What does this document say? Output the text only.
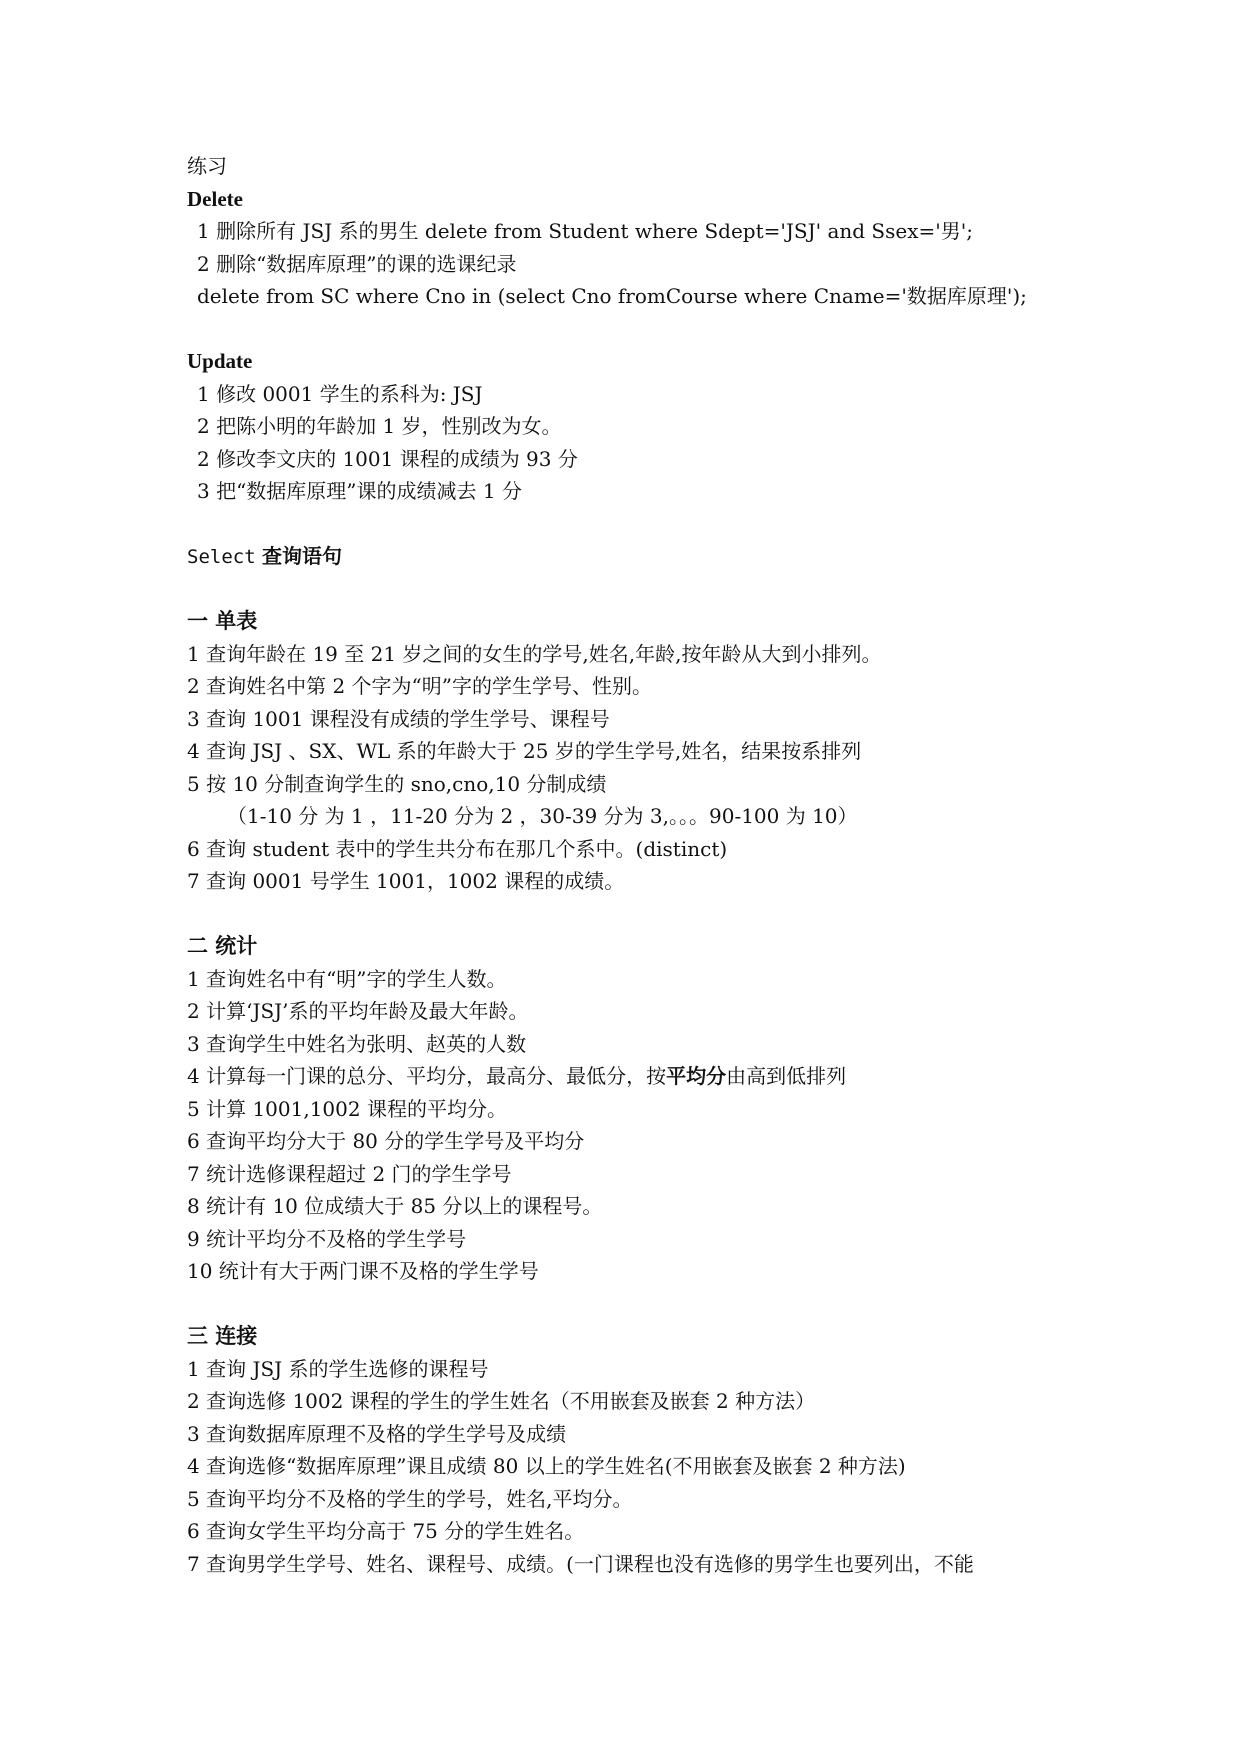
练习
Delete
1 删除所有 JSJ 系的男生 delete from Student where Sdept='JSJ' and Ssex='男';
2 删除“数据库原理”的课的选课纪录
delete from SC where Cno in (select Cno fromCourse where Cname='数据库原理');
Update
1 修改 0001 学生的系科为: JSJ
2 把陈小明的年龄加 1 岁，性别改为女。
2 修改李文庆的 1001 课程的成绩为 93 分
3 把“数据库原理”课的成绩减去 1 分
Select 查询语句
一 单表
1 查询年龄在 19 至 21 岁之间的女生的学号,姓名,年龄,按年龄从大到小排列。
2 查询姓名中第 2 个字为“明”字的学生学号、性别。
3 查询 1001 课程没有成绩的学生学号、课程号
4 查询 JSJ 、SX、WL 系的年龄大于 25 岁的学生学号,姓名，结果按系排列
5 按 10 分制查询学生的 sno,cno,10 分制成绩
（1-10 分 为 1 ，11-20 分为 2 ，30-39 分为 3,。。。90-100 为 10）
6 查询 student 表中的学生共分布在那几个系中。(distinct)
7 查询 0001 号学生 1001，1002 课程的成绩。
二 统计
1 查询姓名中有“明”字的学生人数。
2 计算‘JSJ’系的平均年龄及最大年龄。
3 查询学生中姓名为张明、赵英的人数
4 计算每一门课的总分、平均分，最高分、最低分，按平均分由高到低排列
5 计算 1001,1002 课程的平均分。
6 查询平均分大于 80 分的学生学号及平均分
7 统计选修课程超过 2 门的学生学号
8 统计有 10 位成绩大于 85 分以上的课程号。
9 统计平均分不及格的学生学号
10 统计有大于两门课不及格的学生学号
三 连接
1 查询 JSJ 系的学生选修的课程号
2 查询选修 1002 课程的学生的学生姓名（不用嵌套及嵌套 2 种方法）
3 查询数据库原理不及格的学生学号及成绩
4 查询选修“数据库原理”课且成绩 80 以上的学生姓名(不用嵌套及嵌套 2 种方法)
5 查询平均分不及格的学生的学号，姓名,平均分。
6 查询女学生平均分高于 75 分的学生姓名。
7 查询男学生学号、姓名、课程号、成绩。(一门课程也没有选修的男学生也要列出，不能
